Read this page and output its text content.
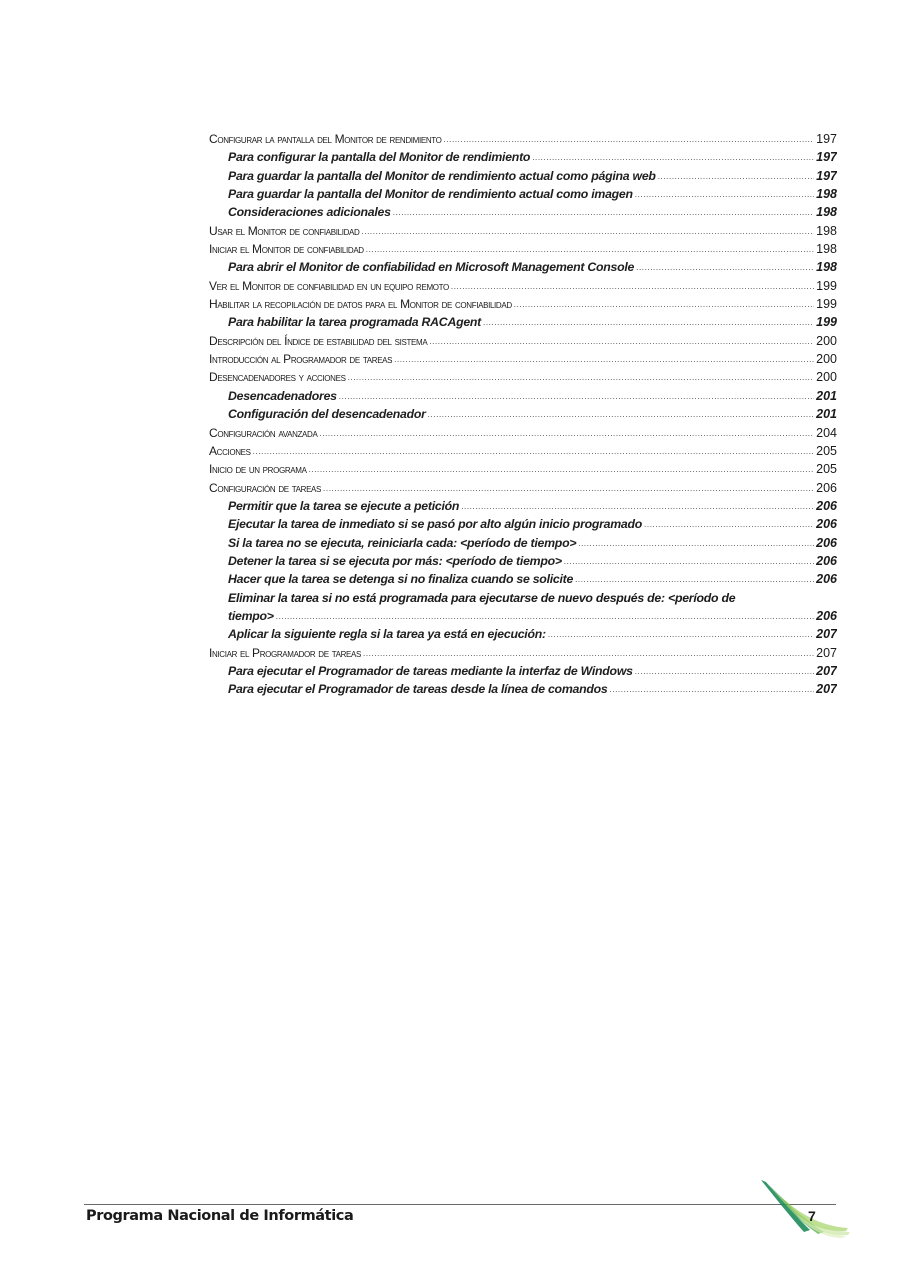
Configurar la pantalla del Monitor de rendimiento .....	197
Para configurar la pantalla del Monitor de rendimiento .....	197
Para guardar la pantalla del Monitor de rendimiento actual como página web .....	197
Para guardar la pantalla del Monitor de rendimiento actual como imagen .....	198
Consideraciones adicionales .....	198
Usar el Monitor de confiabilidad .....	198
Iniciar el Monitor de confiabilidad .....	198
Para abrir el Monitor de confiabilidad en Microsoft Management Console .....	198
Ver el Monitor de confiabilidad en un equipo remoto .....	199
Habilitar la recopilación de datos para el Monitor de confiabilidad .....	199
Para habilitar la tarea programada RACAgent .....	199
Descripción del Índice de estabilidad del sistema .....	200
Introducción al Programador de tareas .....	200
Desencadenadores y acciones .....	200
Desencadenadores .....	201
Configuración del desencadenador .....	201
Configuración avanzada .....	204
Acciones .....	205
Inicio de un programa .....	205
Configuración de tareas .....	206
Permitir que la tarea se ejecute a petición .....	206
Ejecutar la tarea de inmediato si se pasó por alto algún inicio programado .....	206
Si la tarea no se ejecuta, reiniciarla cada: <período de tiempo> .....	206
Detener la tarea si se ejecuta por más: <período de tiempo> .....	206
Hacer que la tarea se detenga si no finaliza cuando se solicite .....	206
Eliminar la tarea si no está programada para ejecutarse de nuevo después de: <período de
tiempo> .....	206
Aplicar la siguiente regla si la tarea ya está en ejecución: .....	207
Iniciar el Programador de tareas .....	207
Para ejecutar el Programador de tareas mediante la interfaz de Windows .....	207
Para ejecutar el Programador de tareas desde la línea de comandos .....	207
Programa Nacional de Informática	7
